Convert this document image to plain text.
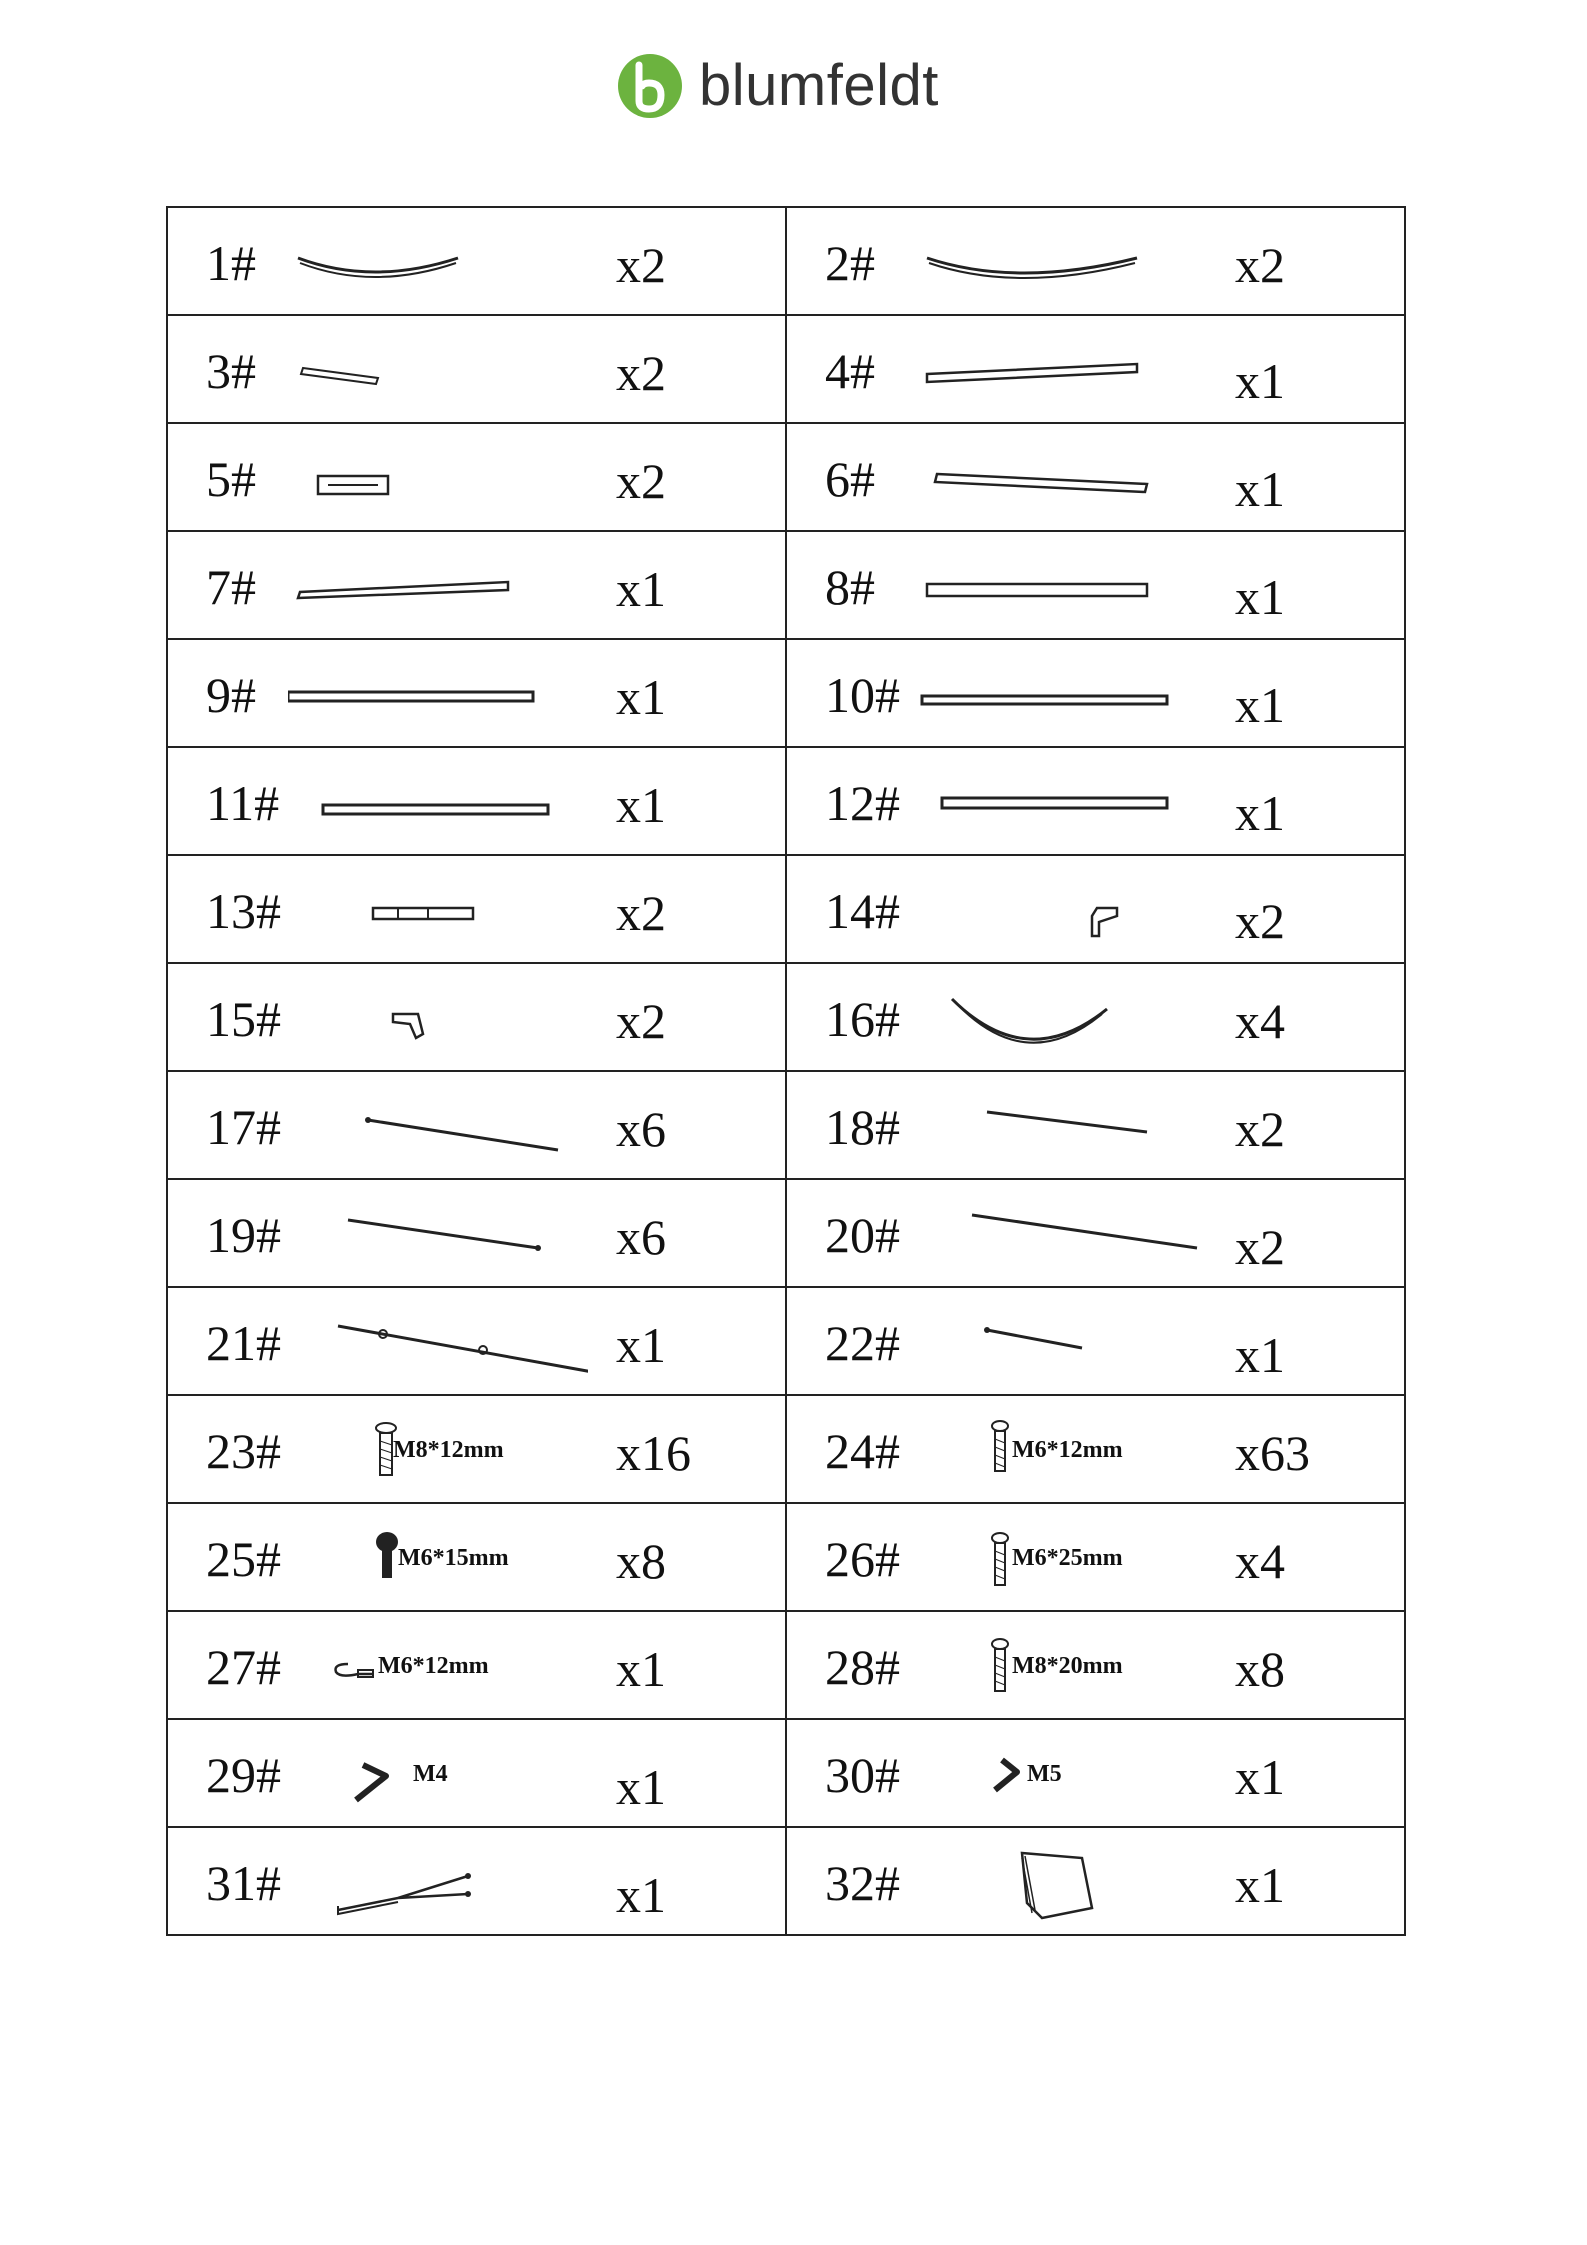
blumfeldt
1# x2	2# x2

3# x2	4# x1

5# x2	6# x1

7# x1	8# x1

9# x1	10# x1

11# x1	12# x1

13# x2	14# x2

15# x2	16# x4

17# x6	18# x2

19# x6	20# x2

21# x1	22# x1

23# M8*12mm x16	24# M6*12mm x63

25# M6*15mm x8	26# M6*25mm x4

27# M6*12mm x1	28# M8*20mm x8

29# M4 x1	30# M5 x1

31# x1	32# x1
